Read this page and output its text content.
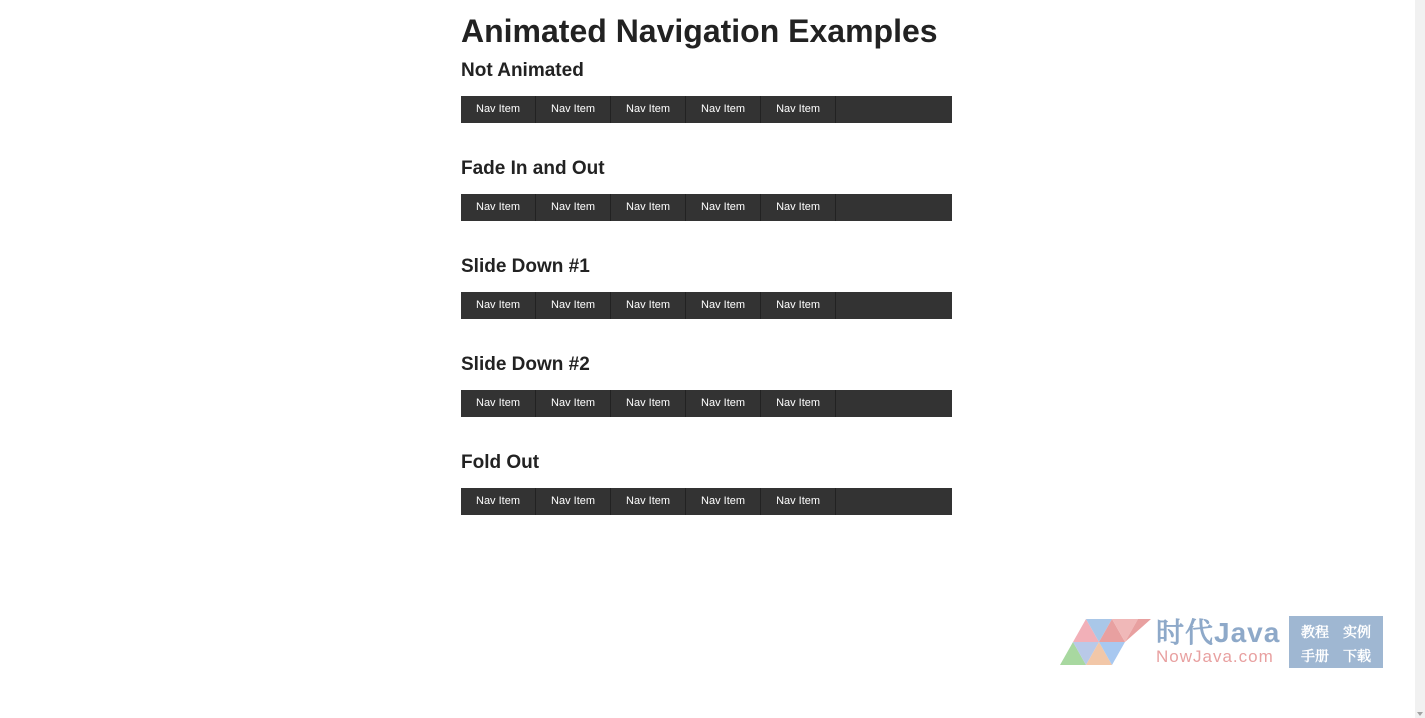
Animated Navigation Examples
Not Animated
Nav Item	Nav Item	Nav Item	Nav Item	Nav Item
Fade In and Out
Nav Item	Nav Item	Nav Item	Nav Item	Nav Item
Slide Down #1
Nav Item	Nav Item	Nav Item	Nav Item	Nav Item
Slide Down #2
Nav Item	Nav Item	Nav Item	Nav Item	Nav Item
Fold Out
Nav Item	Nav Item	Nav Item	Nav Item	Nav Item
时代Java
NowJava.com
教程 实例
手册 下载
